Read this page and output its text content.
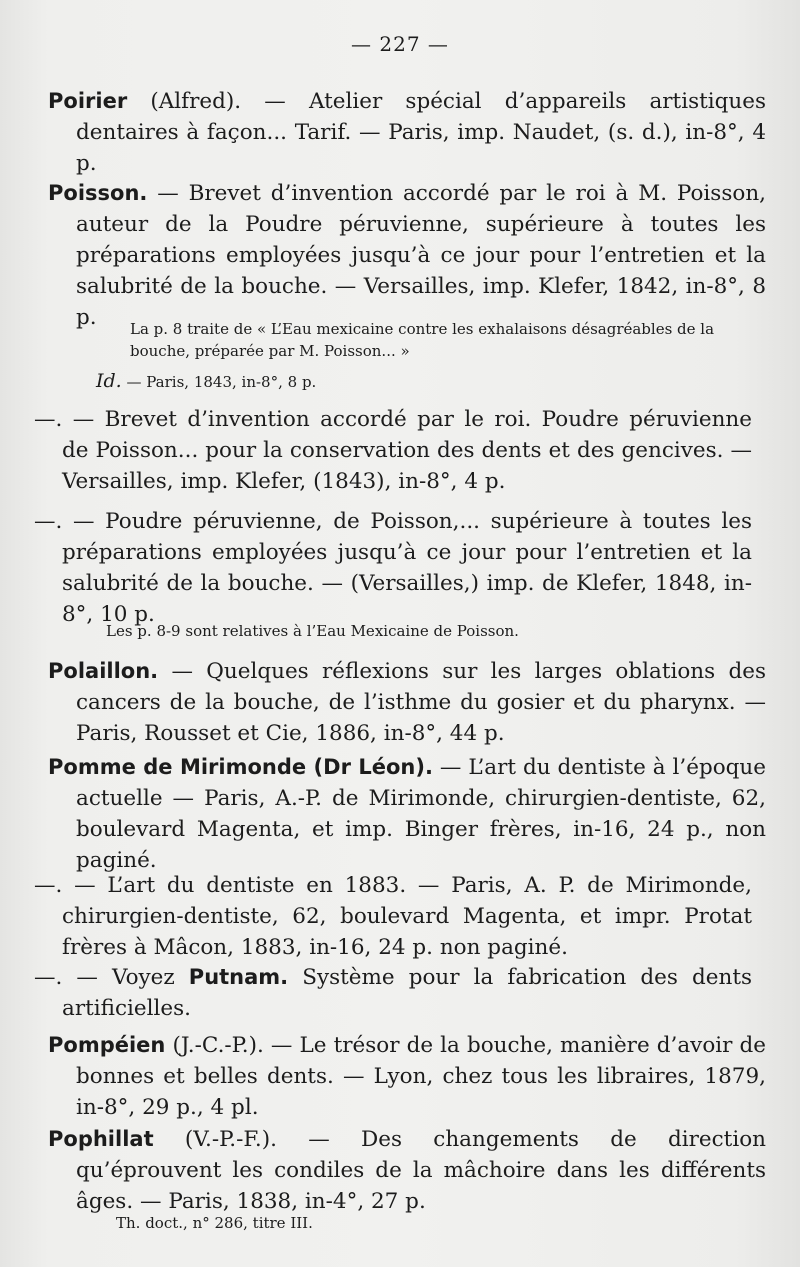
— 227 —
Poirier (Alfred). — Atelier spécial d’appareils artistiques dentaires à façon... Tarif. — Paris, imp. Naudet, (s. d.), in-8°, 4 p.
Poisson. — Brevet d’invention accordé par le roi à M. Poisson, auteur de la Poudre péruvienne, supérieure à toutes les préparations employées jusqu’à ce jour pour l’entretien et la salubrité de la bouche. — Versailles, imp. Klefer, 1842, in-8°, 8 p.	La p. 8 traite de « L’Eau mexicaine contre les exhalaisons désagréables de la bouche, préparée par M. Poisson... »
Id. — Paris, 1843, in-8°, 8 p.
—. — Brevet d’invention accordé par le roi. Poudre péruvienne de Poisson... pour la conservation des dents et des gencives. — Versailles, imp. Klefer, (1843), in-8°, 4 p.
—. — Poudre péruvienne, de Poisson,... supérieure à toutes les préparations employées jusqu’à ce jour pour l’entretien et la salubrité de la bouche. — (Versailles,) imp. de Klefer, 1848, in-8°, 10 p.
Les p. 8-9 sont relatives à l’Eau Mexicaine de Poisson.
Polaillon. — Quelques réflexions sur les larges oblations des cancers de la bouche, de l’isthme du gosier et du pharynx. — Paris, Rousset et Cie, 1886, in-8°, 44 p.
Pomme de Mirimonde (Dr Léon). — L’art du dentiste à l’époque actuelle — Paris, A.-P. de Mirimonde, chirurgien-dentiste, 62, boulevard Magenta, et imp. Binger frères, in-16, 24 p., non paginé.
—. — L’art du dentiste en 1883. — Paris, A. P. de Mirimonde, chirurgien-dentiste, 62, boulevard Magenta, et impr. Protat frères à Mâcon, 1883, in-16, 24 p. non paginé.
—. — Voyez Putnam. Système pour la fabrication des dents artificielles.
Pompéien (J.-C.-P.). — Le trésor de la bouche, manière d’avoir de bonnes et belles dents. — Lyon, chez tous les libraires, 1879, in-8°, 29 p., 4 pl.
Pophillat (V.-P.-F.). — Des changements de direction qu’éprouvent les condiles de la mâchoire dans les différents âges. — Paris, 1838, in-4°, 27 p.
Th. doct., n° 286, titre III.
